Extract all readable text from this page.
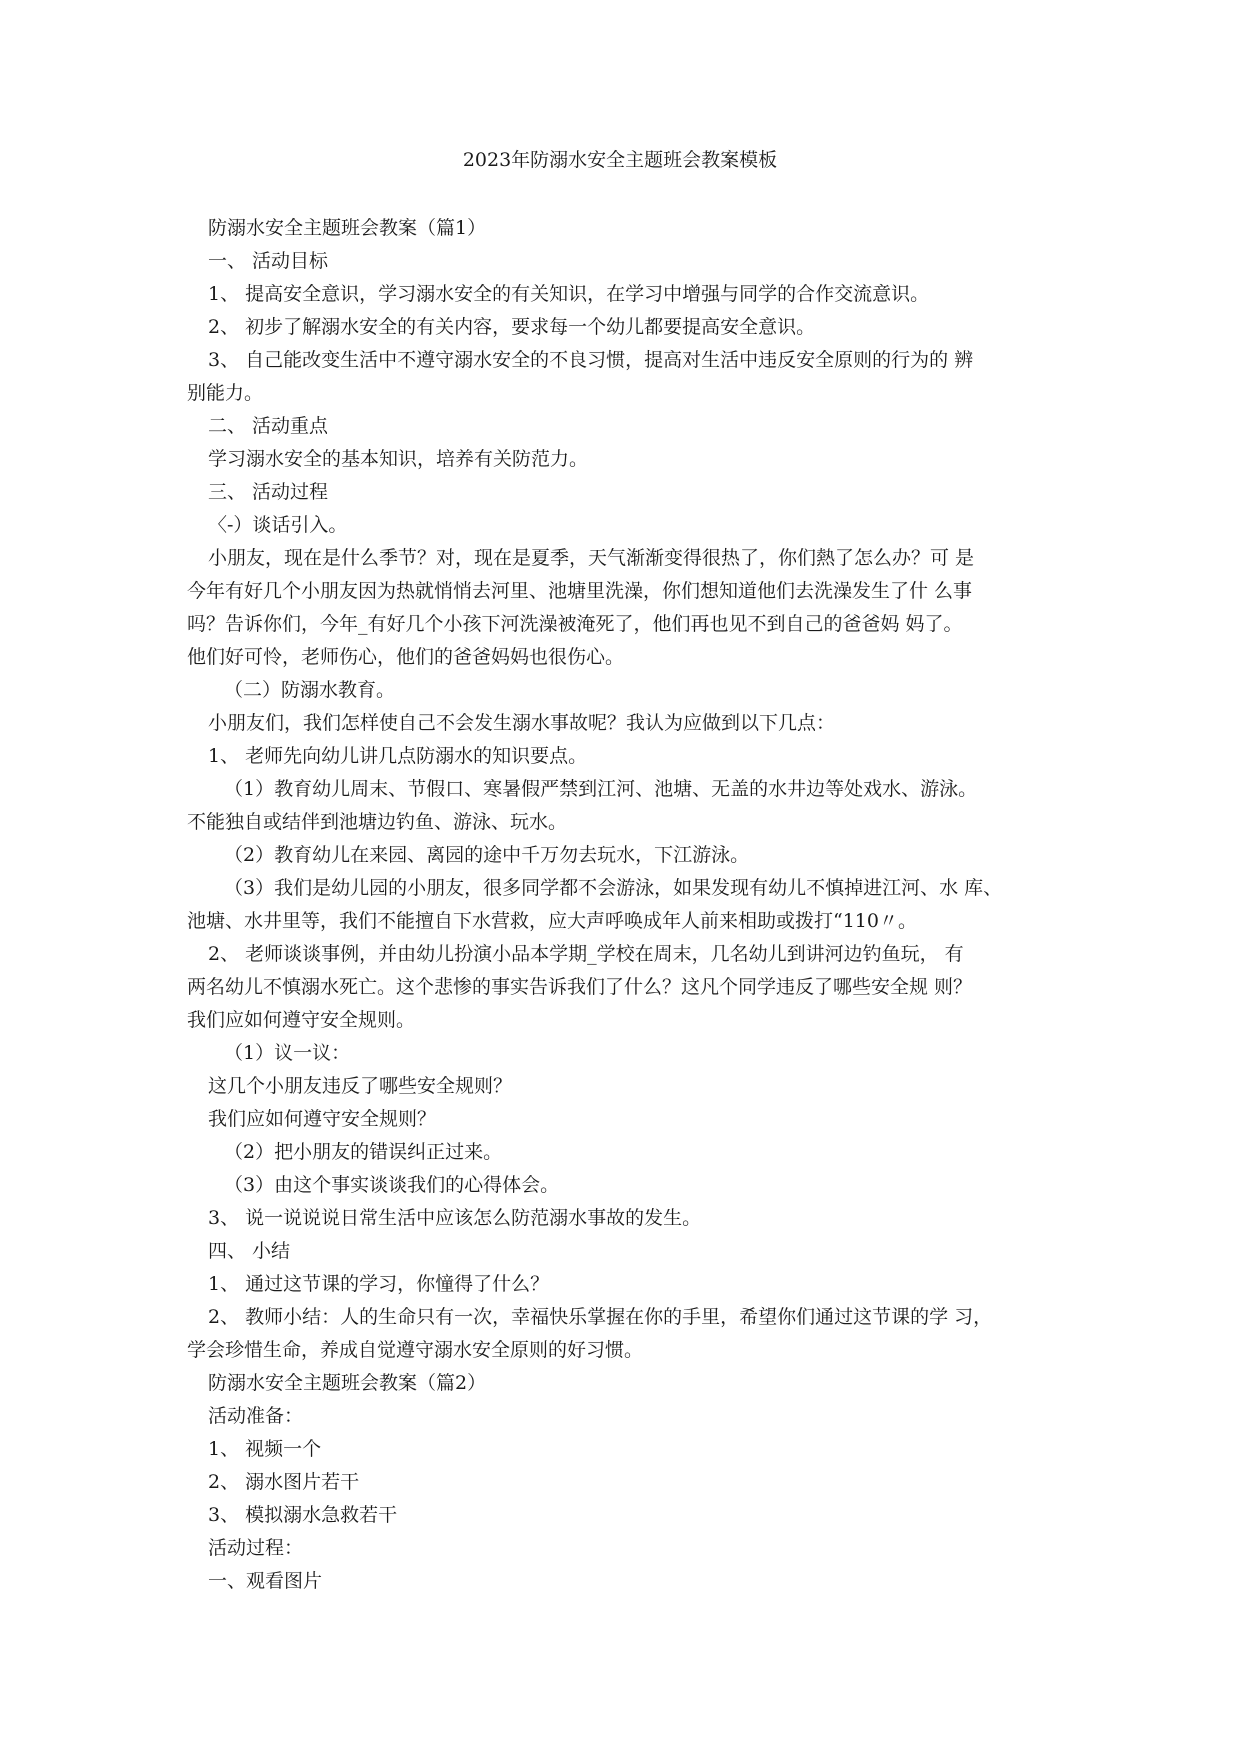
2023年防溺水安全主题班会教案模板
防溺水安全主题班会教案（篇1）
一、 活动目标
1、 提高安全意识，学习溺水安全的有关知识，在学习中增强与同学的合作交流意识。
2、 初步了解溺水安全的有关内容，要求每一个幼儿都要提高安全意识。
3、 自己能改变生活中不遵守溺水安全的不良习惯，提高对生活中违反安全原则的行为的 辨
别能力。
二、 活动重点
学习溺水安全的基本知识，培养有关防范力。
三、 活动过程
〈-）谈话引入。
小朋友，现在是什么季节？对，现在是夏季，天气渐渐变得很热了，你们熱了怎么办？可 是
今年有好几个小朋友因为热就悄悄去河里、池塘里洗澡，你们想知道他们去洗澡发生了什 么事
吗？告诉你们，今年_有好几个小孩下河洗澡被淹死了，他们再也见不到自己的爸爸妈 妈了。
他们好可怜，老师伤心，他们的爸爸妈妈也很伤心。
（二）防溺水教育。
小朋友们，我们怎样使自己不会发生溺水事故呢？我认为应做到以下几点：
1、 老师先向幼儿讲几点防溺水的知识要点。
（1）教育幼儿周末、节假口、寒暑假严禁到江河、池塘、无盖的水井边等处戏水、游泳。
不能独自或结伴到池塘边钓鱼、游泳、玩水。
（2）教育幼儿在来园、离园的途中千万勿去玩水，下江游泳。
（3）我们是幼儿园的小朋友，很多同学都不会游泳，如果发现有幼儿不慎掉进江河、水 库、
池塘、水井里等，我们不能擅自下水营救，应大声呼唤成年人前来相助或拨打“110〃。
2、 老师谈谈事例，并由幼儿扮演小品本学期_学校在周末，几名幼儿到讲河边钓鱼玩， 有
两名幼儿不慎溺水死亡。这个悲惨的事实告诉我们了什么？这凡个同学违反了哪些安全规 则？
我们应如何遵守安全规则。
（1）议一议：
这几个小朋友违反了哪些安全规则？
我们应如何遵守安全规则？
（2）把小朋友的错误纠正过来。
（3）由这个事实谈谈我们的心得体会。
3、 说一说说说日常生活中应该怎么防范溺水事故的发生。
四、 小结
1、 通过这节课的学习，你憧得了什么？
2、 教师小结：人的生命只有一次，幸福快乐掌握在你的手里，希望你们通过这节课的学 习，
学会珍惜生命，养成自觉遵守溺水安全原则的好习惯。
防溺水安全主题班会教案（篇2）
活动准备：
1、 视频一个
2、 溺水图片若干
3、 模拟溺水急救若干
活动过程：
一、观看图片
